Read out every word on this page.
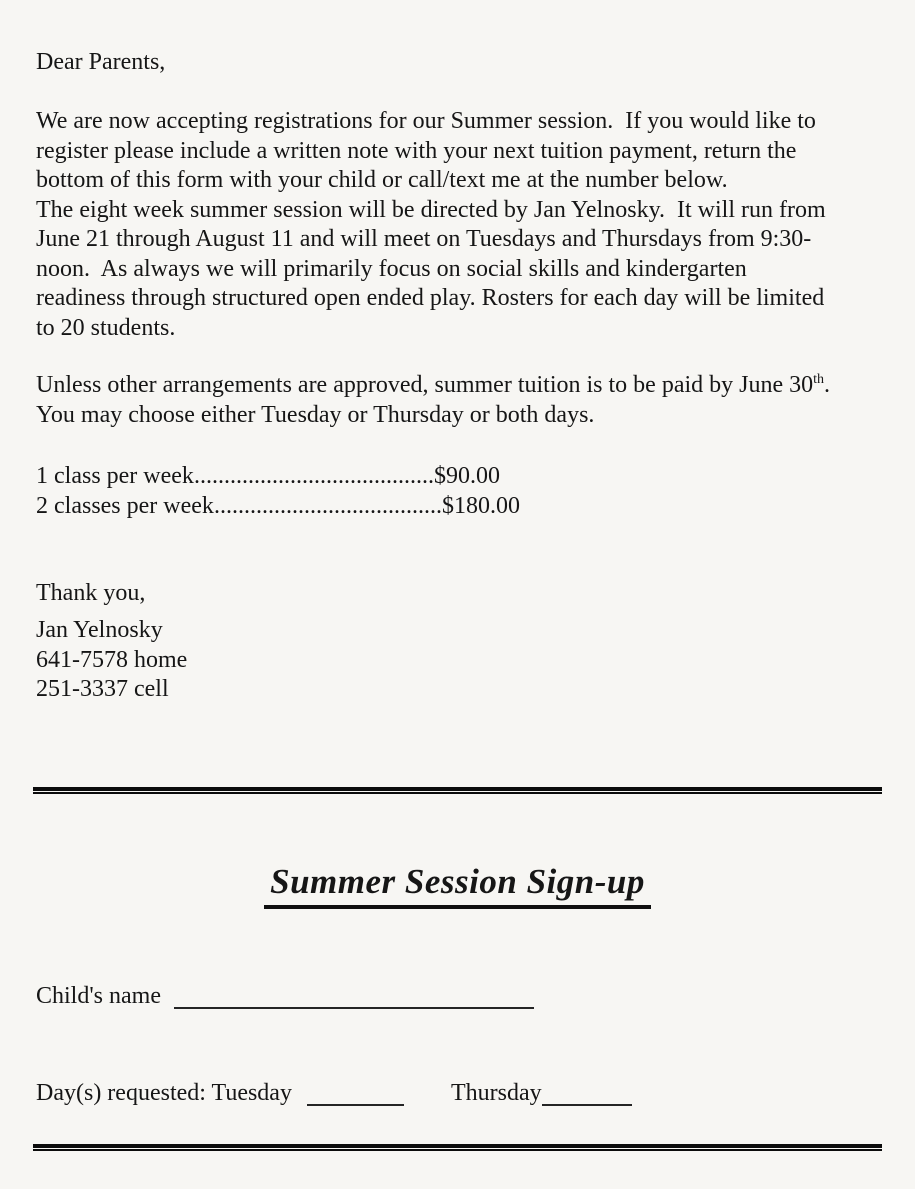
Dear Parents,
We are now accepting registrations for our Summer session.  If you would like to
register please include a written note with your next tuition payment, return the
bottom of this form with your child or call/text me at the number below.
The eight week summer session will be directed by Jan Yelnosky.  It will run from
June 21 through August 11 and will meet on Tuesdays and Thursdays from 9:30-
noon.  As always we will primarily focus on social skills and kindergarten
readiness through structured open ended play. Rosters for each day will be limited
to 20 students.
Unless other arrangements are approved, summer tuition is to be paid by June 30th.
You may choose either Tuesday or Thursday or both days.
1 class per week........................................$90.00
2 classes per week......................................$180.00
Thank you,
Jan Yelnosky
641-7578 home
251-3337 cell
Summer Session Sign-up
Child's name
Day(s) requested: Tuesday	Thursday
